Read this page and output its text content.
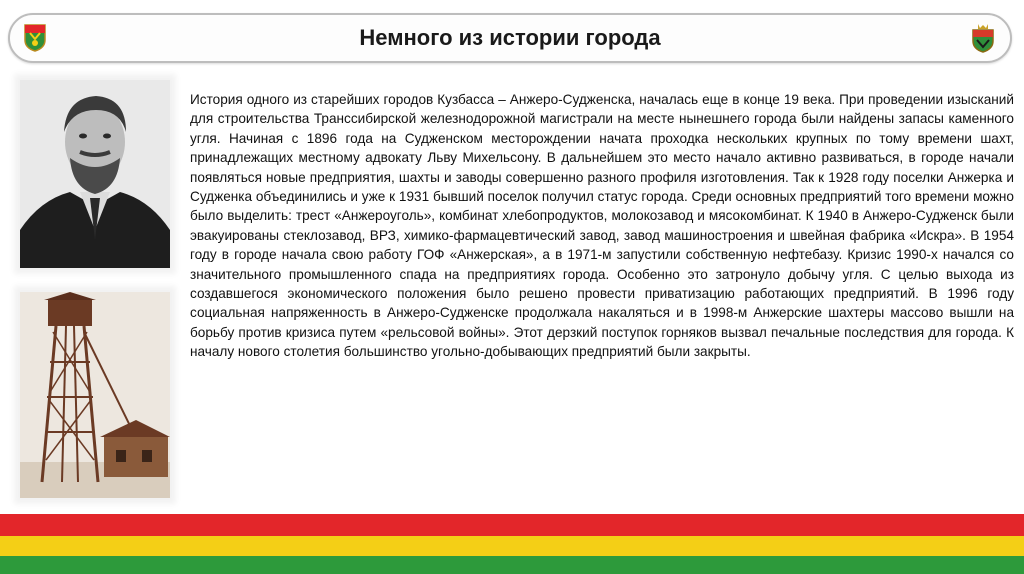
Немного из истории города
История одного из старейших городов Кузбасса – Анжеро-Судженска, началась еще в конце 19 века. При проведении изысканий для строительства Транссибирской железнодорожной магистрали на месте нынешнего города были найдены запасы каменного угля. Начиная с 1896 года на Судженском месторождении начата проходка нескольких крупных по тому времени шахт, принадлежащих местному адвокату Льву Михельсону. В дальнейшем это место начало активно развиваться, в городе начали появляться новые предприятия, шахты и заводы совершенно разного профиля изготовления. Так к 1928 году поселки Анжерка и Судженка объединились и уже к 1931 бывший поселок получил статус города. Среди основных предприятий того времени можно было выделить: трест «Анжероуголь», комбинат хлебопродуктов, молокозавод и мясокомбинат. К 1940 в Анжеро-Судженск были эвакуированы стеклозавод, ВРЗ, химико-фармацевтический завод, завод машиностроения и швейная фабрика «Искра». В 1954 году в городе начала свою работу ГОФ «Анжерская», а в 1971-м запустили собственную нефтебазу. Кризис 1990-х начался со значительного промышленного спада на предприятиях города. Особенно это затронуло добычу угля. С целью выхода из создавшегося экономического положения было решено провести приватизацию работающих предприятий. В 1996 году социальная напряженность в Анжеро-Судженске продолжала накаляться и в 1998-м Анжерские шахтеры массово вышли на борьбу против кризиса путем «рельсовой войны». Этот дерзкий поступок горняков вызвал печальные последствия для города. К началу нового столетия большинство угольно-добывающих предприятий были закрыты.
